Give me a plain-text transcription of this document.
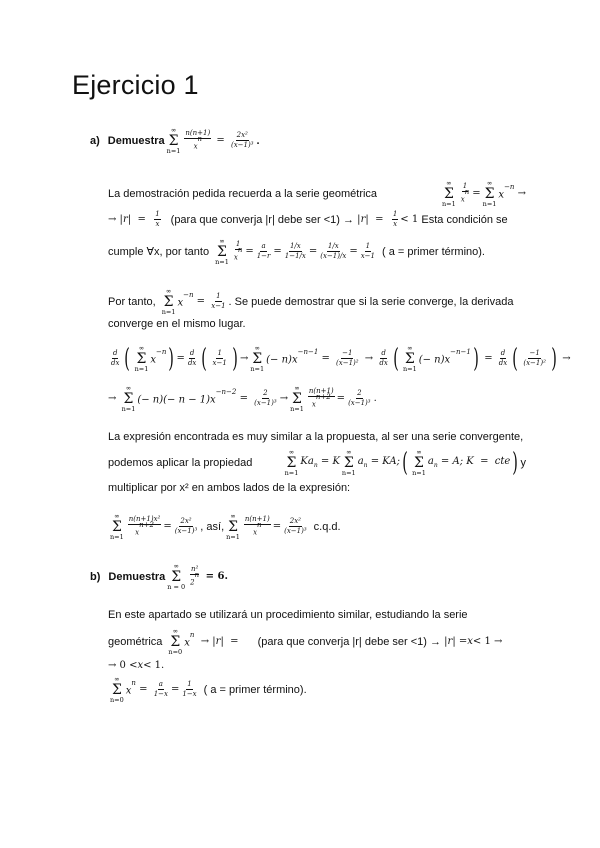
Ejercicio 1
a) Demuestra
∞
Σ
$n=1 \frac{n(n+1)}{x^n} = \frac{\text{2x²}}{\text{(x−1)³}}$ .
La demostración pedida recuerda a la serie geométrica
∞
Σ
$n=1 \frac{1}{x^n}$ =
∞
Σ
n=1
$x^{-n}$
→
→ | r |  = $\frac{1}{x}$ (para que converja |r| debe ser <1) → | r |  = $\frac{1}{x} < 1$ Esta condición se
cumple ∀x, por tanto
∞
Σ
$n=1 \frac{1}{x^n} = \frac{a}{1-r} = \frac{1/x}{1-1/x} = \frac{1/x}{(x-1)/x} = \frac{1}{x-1}$ ( a = primer término).
Por tanto,
∞
Σ
n=1
$x^{-n}$
= $\frac{1}{x-1}$ . Se puede demostrar que si la serie converge, la derivada
converge en el mismo lugar.
$\frac{d}{dx}$ ( ∞
Σ
n=1
$x^{-n}$ ) = $\frac{d}{dx}$ ( $\frac{1}{x-1}$ ) →
∞
Σ
n=1
(− $n)x^{-n-1}$
= $\frac{-1}{\text{(x−1)²}} \to \frac{d}{dx}$ ( ∞
Σ
n=1
(− $n)x^{-n-1}$ ) = $\frac{d}{dx}$ ( $\frac{-1}{\text{(x−1)²}}$ ) →
→
∞
Σ
n=1
(− $n)(- n - 1)x^{-n-2}$
= $\frac{2}{\text{(x−1)³}}$ →
∞
Σ
$n=1 \frac{n(n+1)}{x^{n+2}} = \frac{2}{\text{(x−1)³}}$ .
La expresión encontrada es muy similar a la propuesta, al ser una serie convergente,
podemos aplicar la propiedad
∞
Σ
n=1
$Ka_n = K$
∞
Σ
n=1
$a_n$ = KA; ( ∞
Σ
n=1
$a_n = A$; K  =  cte ) y
multiplicar por x² en ambos lados de la expresión:
∞
Σ
$n=1 \frac{\text{n(n+1)x²}}{x^{n+2}} = \frac{\text{2x²}}{\text{(x−1)³}}$ , así,
∞
Σ
$n=1 \frac{n(n+1)}{x^n} = \frac{\text{2x²}}{\text{(x−1)³}} c.q.d$.
b) Demuestra
∞
Σ
$n = 0 \frac{\text{n²}}{2^n} = 6$.
En este apartado se utilizará un procedimiento similar, estudiando la serie
geométrica
∞
Σ
n=0
$x^n$
→ | r |  = (para que converja |r| debe ser <1) → | r | = x < 1 →
→ 0 < x < 1.
∞
Σ
n=0
$x^n$
= $\frac{a}{1-x} = \frac{1}{1-x}$ ( a = primer término).
